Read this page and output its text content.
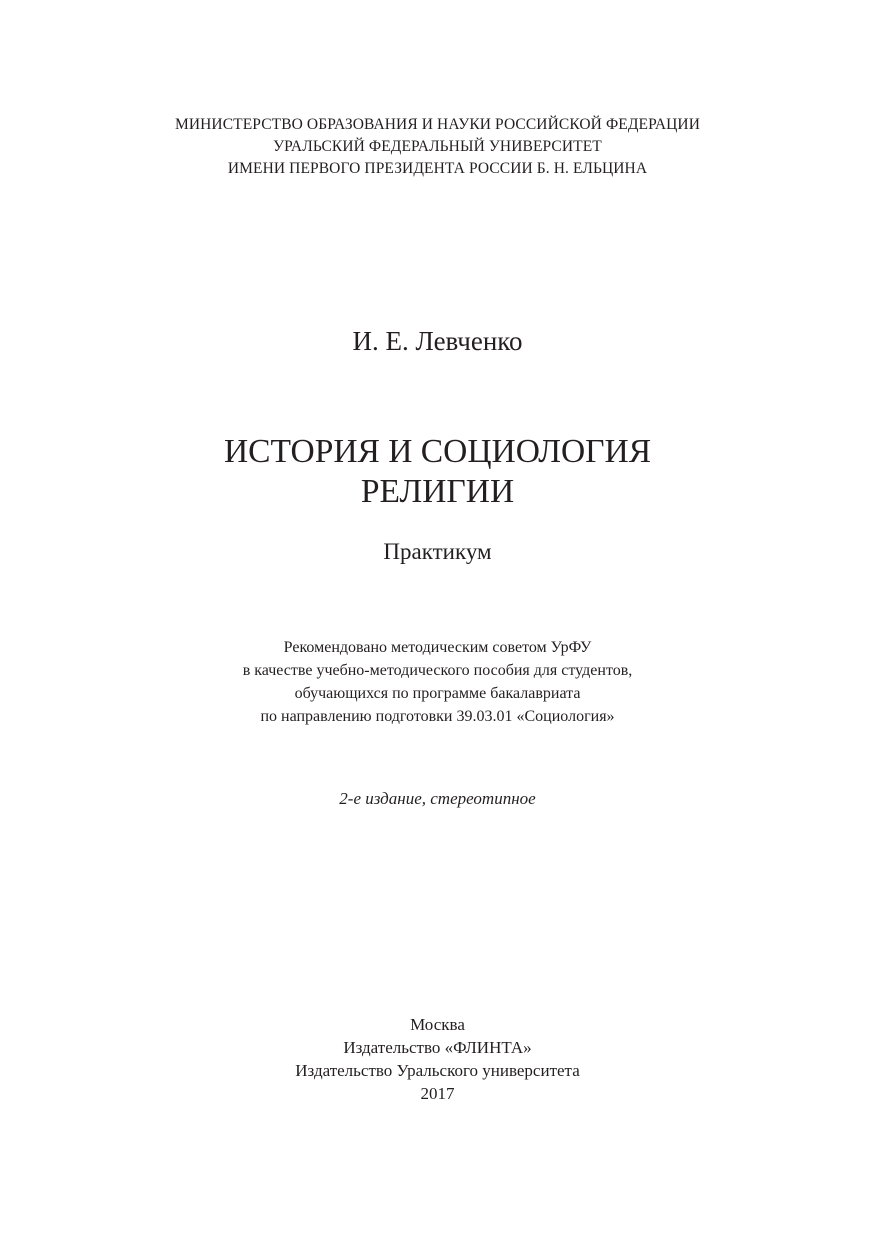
МИНИСТЕРСТВО ОБРАЗОВАНИЯ И НАУКИ РОССИЙСКОЙ ФЕДЕРАЦИИ
УРАЛЬСКИЙ ФЕДЕРАЛЬНЫЙ УНИВЕРСИТЕТ
ИМЕНИ ПЕРВОГО ПРЕЗИДЕНТА РОССИИ Б. Н. ЕЛЬЦИНА
И. Е. Левченко
ИСТОРИЯ И СОЦИОЛОГИЯ
РЕЛИГИИ
Практикум
Рекомендовано методическим советом УрФУ
в качестве учебно-методического пособия для студентов,
обучающихся по программе бакалавриата
по направлению подготовки 39.03.01 «Социология»
2-е издание, стереотипное
Москва
Издательство «ФЛИНТА»
Издательство Уральского университета
2017
